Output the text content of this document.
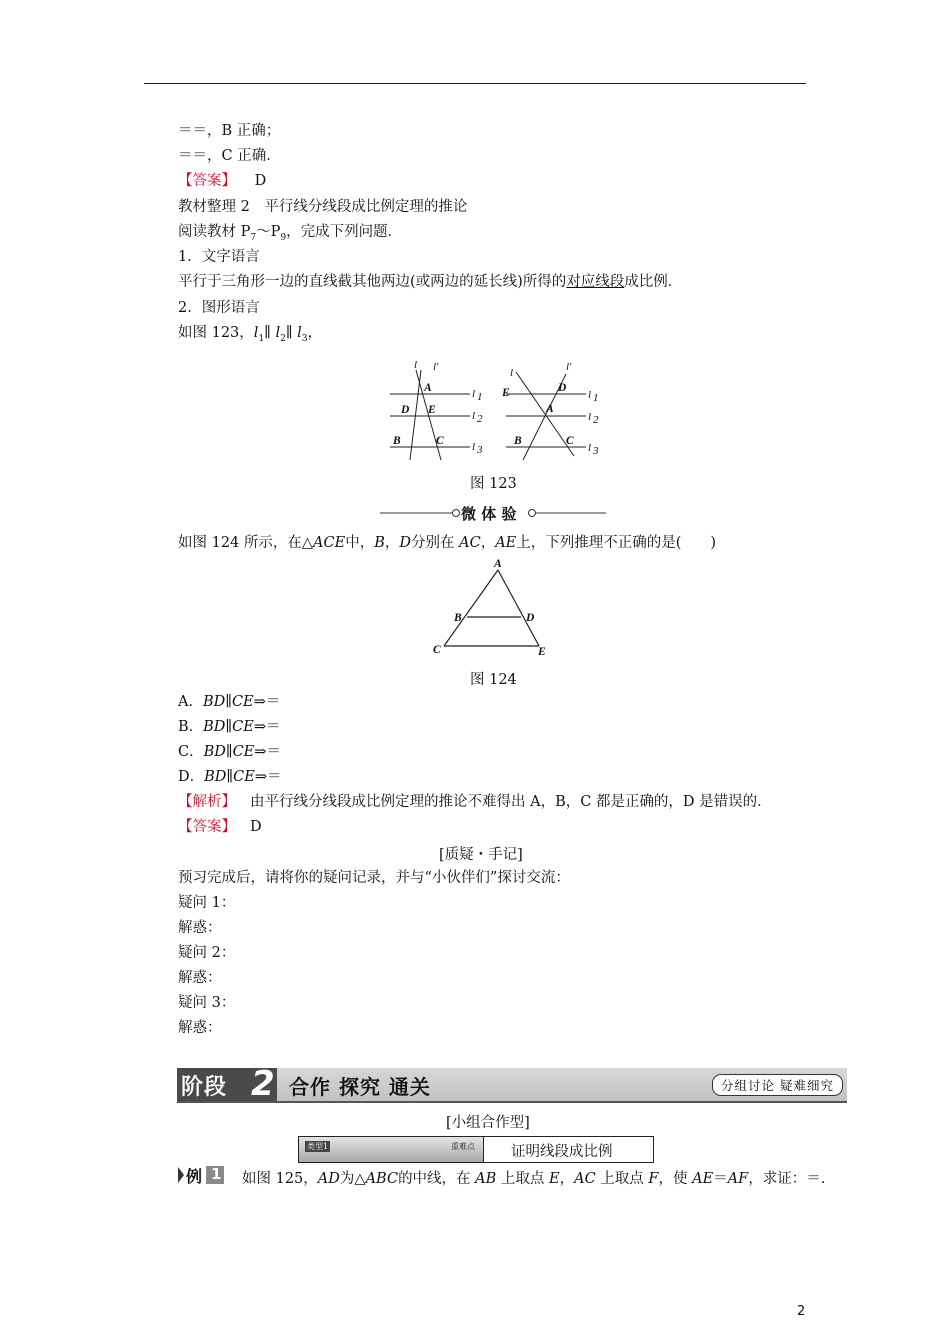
＝＝，B 正确；
＝＝，C 正确．
【答案】 D
教材整理 2　平行线分线段成比例定理的推论
阅读教材 $P_7\sim P_9$，完成下列问题．
1．文字语言
平行于三角形一边的直线截其他两边(或两边的延长线)所得的对应线段成比例．
2．图形语言
如图 123，$l_1\parallel$ $l_2\parallel$ $l_3$，
l l′
A	l 1
D E	l 2
B	C	l 3
l	l′
E	D
l 1
A
l 2
B	C
l 3
图 123
微 体 验
如图 124 所示，在△ACE中，B，D分别在 AC，AE上，下列推理不正确的是(　　)
A
B	D
C	E
图 124
A．BD∥CE⇒＝
B．BD∥CE⇒＝
C．BD∥CE⇒＝
D．BD∥CE⇒＝
【解析】 由平行线分线段成比例定理的推论不难得出 A，B，C 都是正确的，D 是错误的．
【答案】 D
[质疑・手记]
预习完成后，请将你的疑问记录，并与“小伙伴们”探讨交流：
疑问 1：
解惑：
疑问 2：
解惑：
疑问 3：
解惑：
阶段 2 合作 探究 通关	分组讨论 疑难细究
[小组合作型]
类型1	重难点 证明线段成比例
例 1 如图 125，AD为△ABC的中线，在 AB 上取点 E，AC 上取点 F，使 AE＝AF，求证：＝.
2
